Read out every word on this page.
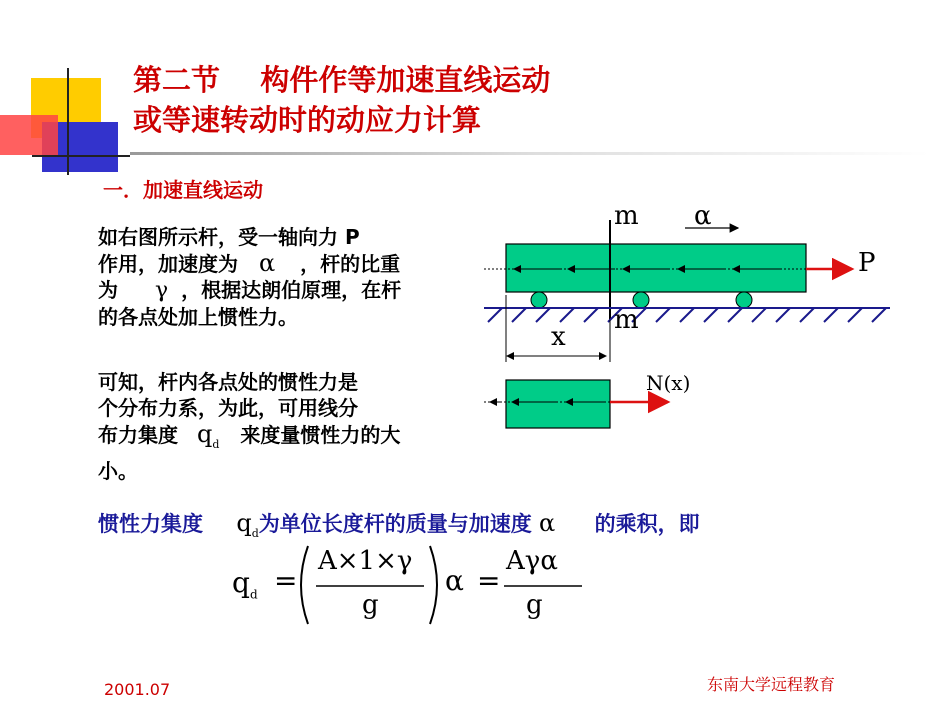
第二节    构件作等加速直线运动
或等速转动时的动应力计算
一．加速直线运动
如右图所示杆，受一轴向力 P
作用，加速度为 α ，杆的比重
为 γ ，根据达朗伯原理，在杆
的各点处加上惯性力。
可知，杆内各点处的惯性力是
个分布力系，为此，可用线分
布力集度 $q_d$ 来度量惯性力的大
小。
惯性力集度 $q_d$为单位长度杆的质量与加速度 α 的乘积，即
$q_d$ =
A×1×γ
g
α =
Aγα
g
m α
P
m
x
N(x)
2001.07	东南大学远程教育
